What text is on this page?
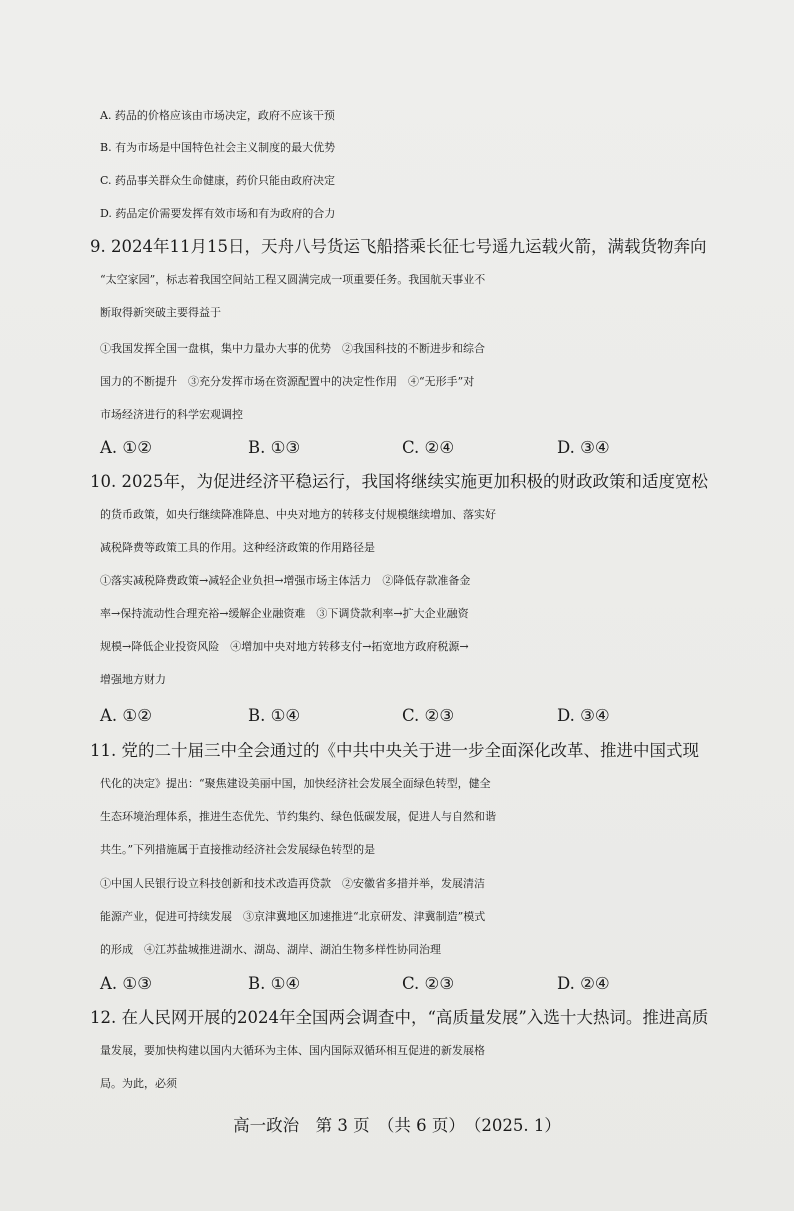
A. 药品的价格应该由市场决定，政府不应该干预
B. 有为市场是中国特色社会主义制度的最大优势
C. 药品事关群众生命健康，药价只能由政府决定
D. 药品定价需要发挥有效市场和有为政府的合力
9. 2024年11月15日，天舟八号货运飞船搭乘长征七号遥九运载火箭，满载货物奔向
“太空家园”，标志着我国空间站工程又圆满完成一项重要任务。我国航天事业不
断取得新突破主要得益于
①我国发挥全国一盘棋，集中力量办大事的优势　②我国科技的不断进步和综合
国力的不断提升　③充分发挥市场在资源配置中的决定性作用　④“无形手”对
市场经济进行的科学宏观调控
A. ①②	B. ①③	C. ②④	D. ③④
10. 2025年，为促进经济平稳运行，我国将继续实施更加积极的财政政策和适度宽松
的货币政策，如央行继续降准降息、中央对地方的转移支付规模继续增加、落实好
减税降费等政策工具的作用。这种经济政策的作用路径是
①落实减税降费政策→减轻企业负担→增强市场主体活力　②降低存款准备金
率→保持流动性合理充裕→缓解企业融资难　③下调贷款利率→扩大企业融资
规模→降低企业投资风险　④增加中央对地方转移支付→拓宽地方政府税源→
增强地方财力
A. ①②	B. ①④	C. ②③	D. ③④
11. 党的二十届三中全会通过的《中共中央关于进一步全面深化改革、推进中国式现
代化的决定》提出：“聚焦建设美丽中国，加快经济社会发展全面绿色转型，健全
生态环境治理体系，推进生态优先、节约集约、绿色低碳发展，促进人与自然和谐
共生。”下列措施属于直接推动经济社会发展绿色转型的是
①中国人民银行设立科技创新和技术改造再贷款　②安徽省多措并举，发展清洁
能源产业，促进可持续发展　③京津冀地区加速推进“北京研发、津冀制造”模式
的形成　④江苏盐城推进湖水、湖岛、湖岸、湖泊生物多样性协同治理
A. ①③	B. ①④	C. ②③	D. ②④
12. 在人民网开展的2024年全国两会调查中，“高质量发展”入选十大热词。推进高质
量发展，要加快构建以国内大循环为主体、国内国际双循环相互促进的新发展格
局。为此，必须
高一政治　第 3 页　（共 6 页）　（2025. 1）
